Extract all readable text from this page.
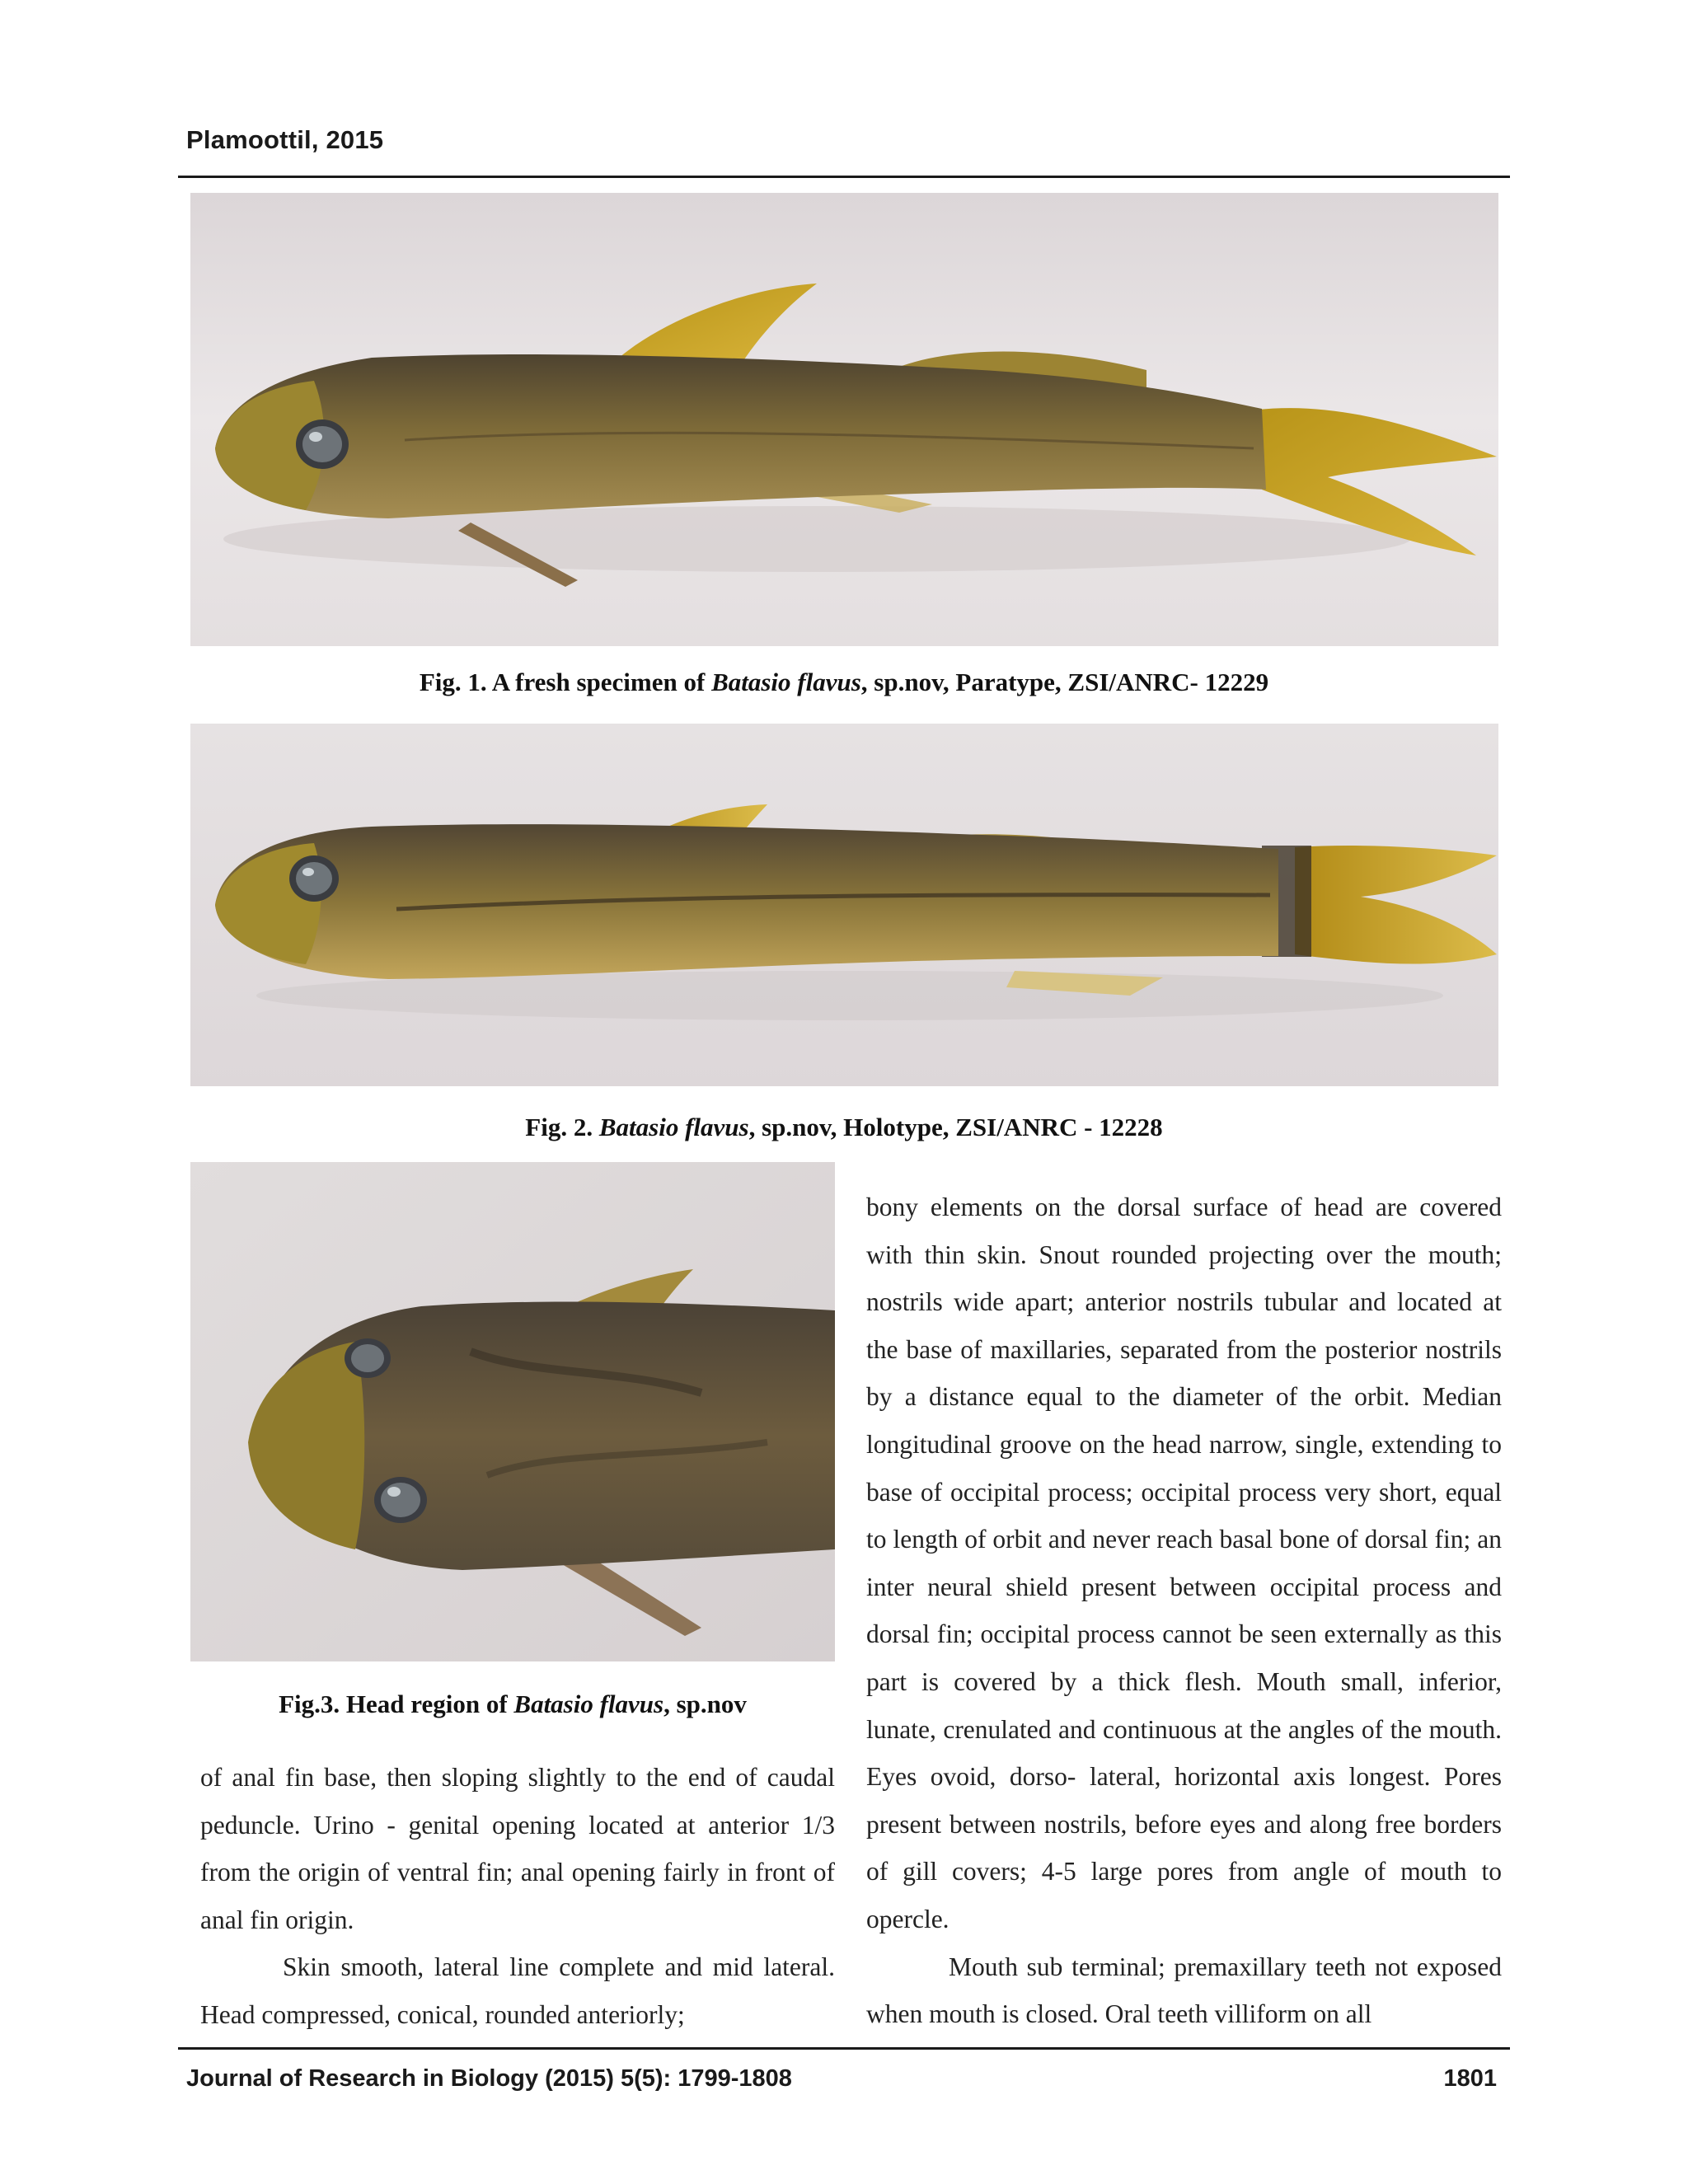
Plamoottil, 2015
Fig. 1. A fresh specimen of Batasio flavus, sp.nov, Paratype, ZSI/ANRC- 12229
Fig. 2. Batasio flavus, sp.nov, Holotype, ZSI/ANRC - 12228
Fig.3. Head region of Batasio flavus, sp.nov

of anal fin base, then sloping slightly to the end of caudal peduncle. Urino - genital opening located at anterior 1/3 from the origin of ventral fin; anal opening fairly in front of anal fin origin.

Skin smooth, lateral line complete and mid lateral. Head compressed, conical, rounded anteriorly;

bony elements on the dorsal surface of head are covered with thin skin. Snout rounded projecting over the mouth; nostrils wide apart; anterior nostrils tubular and located at the base of maxillaries, separated from the posterior nostrils by a distance equal to the diameter of the orbit. Median longitudinal groove on the head narrow, single, extending to base of occipital process; occipital process very short, equal to length of orbit and never reach basal bone of dorsal fin; an inter neural shield present between occipital process and dorsal fin; occipital process cannot be seen externally as this part is covered by a thick flesh. Mouth small, inferior, lunate, crenulated and continuous at the angles of the mouth. Eyes ovoid, dorso- lateral, horizontal axis longest. Pores present between nostrils, before eyes and along free borders of gill covers; 4-5 large pores from angle of mouth to opercle.

Mouth sub terminal; premaxillary teeth not exposed when mouth is closed. Oral teeth villiform on all

Journal of Research in Biology (2015) 5(5): 1799-1808	1801
